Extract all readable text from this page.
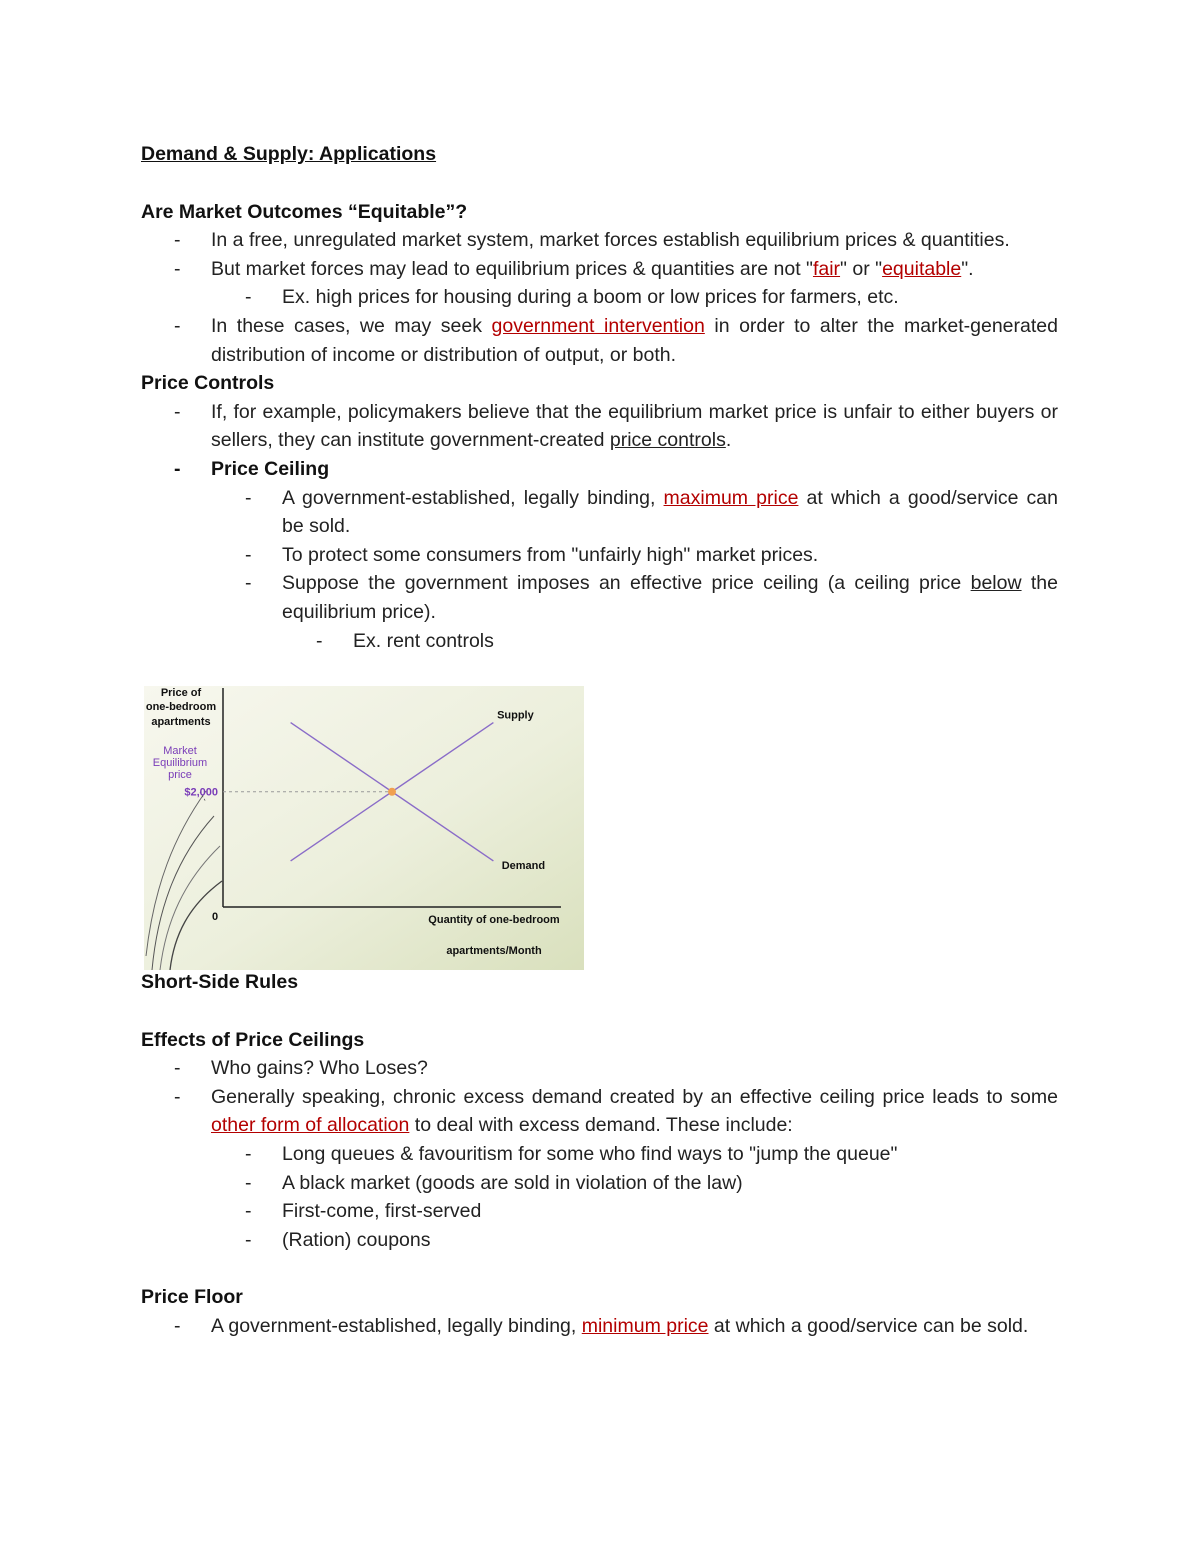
Demand & Supply: Applications

Are Market Outcomes “Equitable”?

- In a free, unregulated market system, market forces establish equilibrium prices & quantities.
- But market forces may lead to equilibrium prices & quantities are not "fair" or "equitable".
- Ex. high prices for housing during a boom or low prices for farmers, etc.
- In these cases, we may seek government intervention in order to alter the market-generated distribution of income or distribution of output, or both.

Price Controls

- If, for example, policymakers believe that the equilibrium market price is unfair to either buyers or sellers, they can institute government-created price controls.
- Price Ceiling
- A government-established, legally binding, maximum price at which a good/service can be sold.
- To protect some consumers from "unfairly high" market prices.
- Suppose the government imposes an effective price ceiling (a ceiling price below the equilibrium price).
- Ex. rent controls

Short-Side Rules

Effects of Price Ceilings

- Who gains? Who Loses?
- Generally speaking, chronic excess demand created by an effective ceiling price leads to some other form of allocation to deal with excess demand. These include:
- Long queues & favouritism for some who find ways to "jump the queue"
- A black market (goods are sold in violation of the law)
- First-come, first-served
- (Ration) coupons

Price Floor

- A government-established, legally binding, minimum price at which a good/service can be sold.
Price of
one-bedroom
apartments
Market
Equilibrium
price
$2,000
0
Supply
Demand
Quantity of one-bedroom
apartments/Month
